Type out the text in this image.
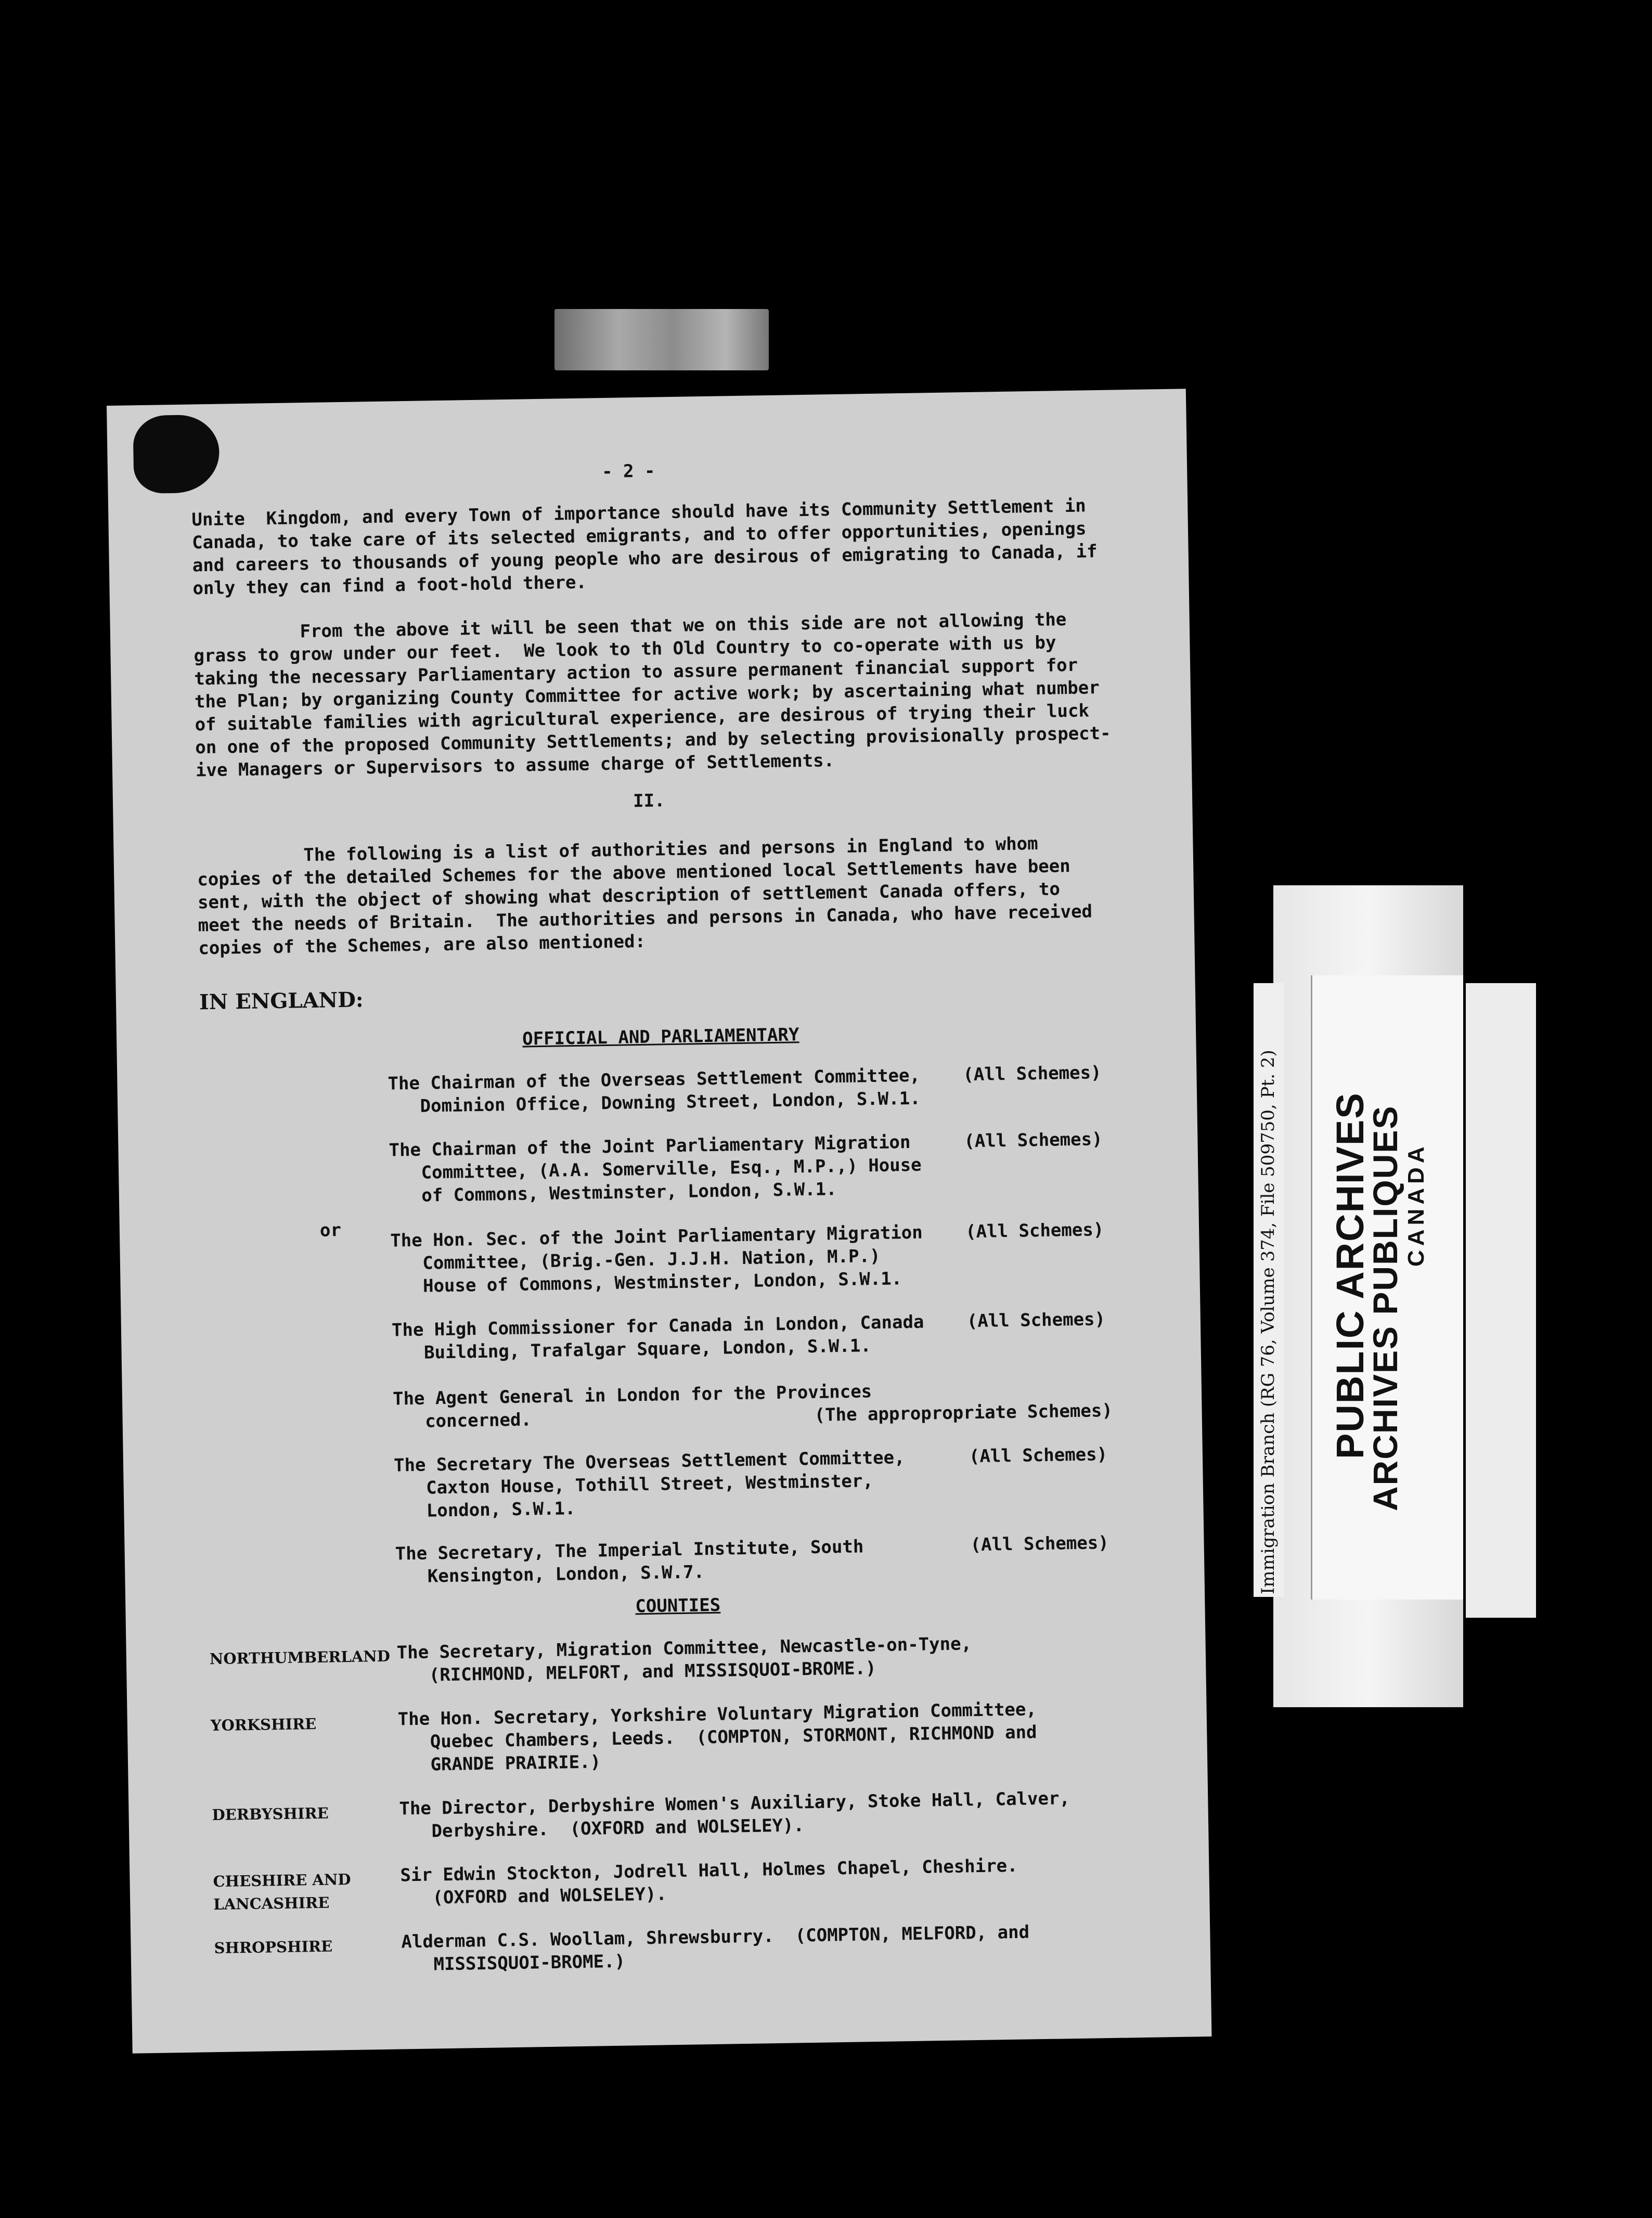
- 2 -
Unite  Kingdom, and every Town of importance should have its Community Settlement in
Canada, to take care of its selected emigrants, and to offer opportunities, openings
and careers to thousands of young people who are desirous of emigrating to Canada, if
only they can find a foot-hold there.
From the above it will be seen that we on this side are not allowing the
grass to grow under our feet.  We look to th Old Country to co-operate with us by
taking the necessary Parliamentary action to assure permanent financial support for
the Plan; by organizing County Committee for active work; by ascertaining what number
of suitable families with agricultural experience, are desirous of trying their luck
on one of the proposed Community Settlements; and by selecting provisionally prospect-
ive Managers or Supervisors to assume charge of Settlements.
II.
The following is a list of authorities and persons in England to whom
copies of the detailed Schemes for the above mentioned local Settlements have been
sent, with the object of showing what description of settlement Canada offers, to
meet the needs of Britain.  The authorities and persons in Canada, who have received
copies of the Schemes, are also mentioned:
IN ENGLAND:
OFFICIAL AND PARLIAMENTARY
The Chairman of the Overseas Settlement Committee,
Dominion Office, Downing Street, London, S.W.1.
(All Schemes)
The Chairman of the Joint Parliamentary Migration
Committee, (A.A. Somerville, Esq., M.P.,) House
of Commons, Westminster, London, S.W.1.
(All Schemes)
or	The Hon. Sec. of the Joint Parliamentary Migration
Committee, (Brig.-Gen. J.J.H. Nation, M.P.)
House of Commons, Westminster, London, S.W.1.
(All Schemes)
The High Commissioner for Canada in London, Canada
Building, Trafalgar Square, London, S.W.1.
(All Schemes)
The Agent General in London for the Provinces
concerned.	(The appropropriate Schemes)
The Secretary The Overseas Settlement Committee,
Caxton House, Tothill Street, Westminster,
London, S.W.1.
(All Schemes)
The Secretary, The Imperial Institute, South
Kensington, London, S.W.7.
(All Schemes)
COUNTIES
NORTHUMBERLAND The Secretary, Migration Committee, Newcastle-on-Tyne,
(RICHMOND, MELFORT, and MISSISQUOI-BROME.)
YORKSHIRE	The Hon. Secretary, Yorkshire Voluntary Migration Committee,
Quebec Chambers, Leeds.  (COMPTON, STORMONT, RICHMOND and
GRANDE PRAIRIE.)
DERBYSHIRE	The Director, Derbyshire Women's Auxiliary, Stoke Hall, Calver,
Derbyshire.  (OXFORD and WOLSELEY).
CHESHIRE AND
LANCASHIRE
Sir Edwin Stockton, Jodrell Hall, Holmes Chapel, Cheshire.
(OXFORD and WOLSELEY).
SHROPSHIRE	Alderman C.S. Woollam, Shrewsburry.  (COMPTON, MELFORD, and
MISSISQUOI-BROME.)
PUBLIC ARCHIVES
ARCHIVES PUBLIQUES
CANADA
Immigration Branch (RG 76, Volume 374, File 509750, Pt. 2)
